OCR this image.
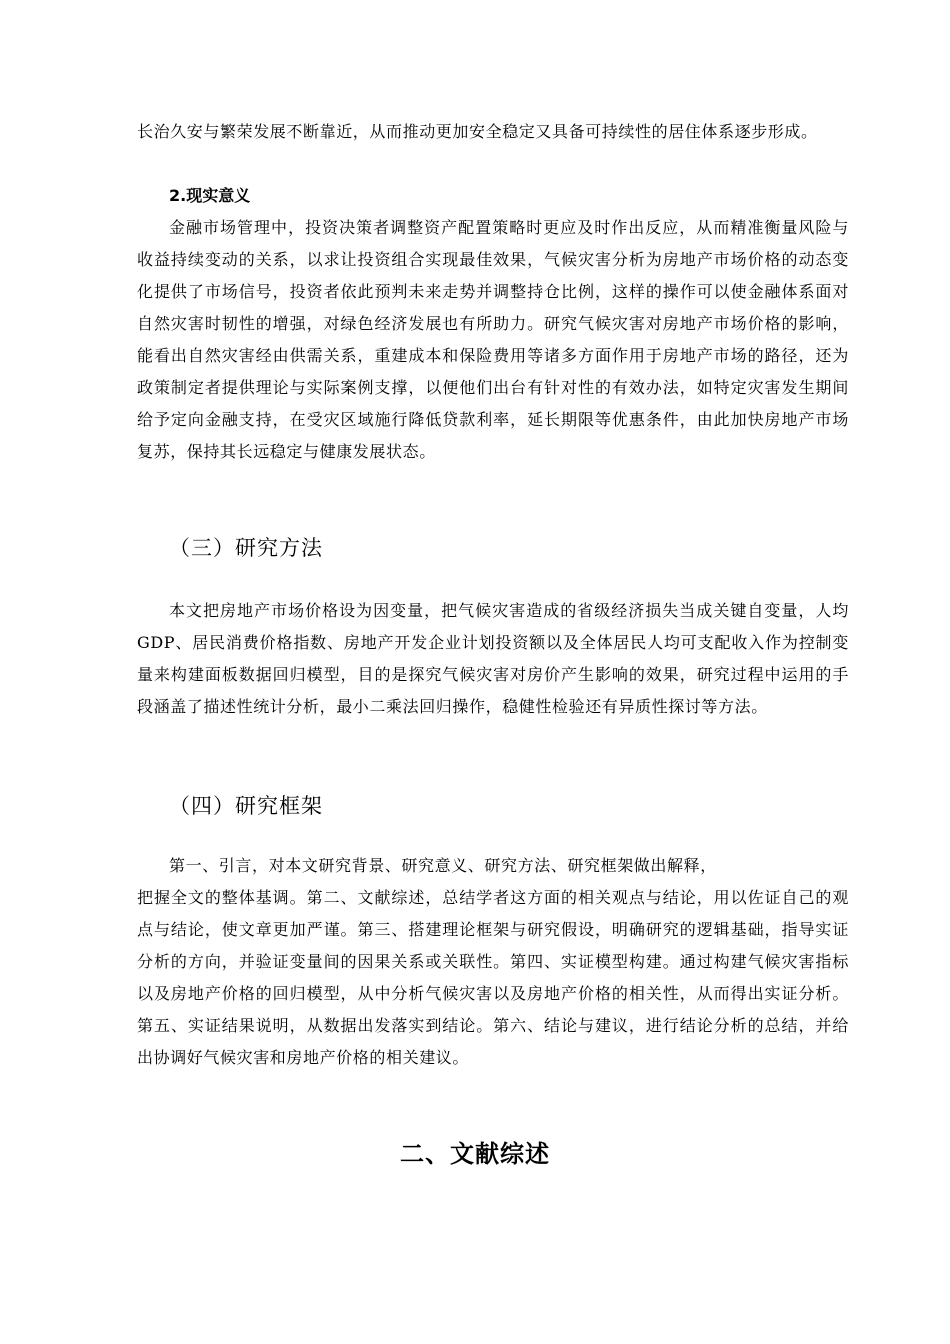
长治久安与繁荣发展不断靠近，从而推动更加安全稳定又具备可持续性的居住体系逐步形成。
2.现实意义
金融市场管理中，投资决策者调整资产配置策略时更应及时作出反应，从而精准衡量风险与收益持续变动的关系，以求让投资组合实现最佳效果，气候灾害分析为房地产市场价格的动态变化提供了市场信号，投资者依此预判未来走势并调整持仓比例，这样的操作可以使金融体系面对自然灾害时韧性的增强，对绿色经济发展也有所助力。研究气候灾害对房地产市场价格的影响，能看出自然灾害经由供需关系，重建成本和保险费用等诸多方面作用于房地产市场的路径，还为政策制定者提供理论与实际案例支撑，以便他们出台有针对性的有效办法，如特定灾害发生期间给予定向金融支持，在受灾区域施行降低贷款利率，延长期限等优惠条件，由此加快房地产市场复苏，保持其长远稳定与健康发展状态。
（三）研究方法
本文把房地产市场价格设为因变量，把气候灾害造成的省级经济损失当成关键自变量，人均 GDP、居民消费价格指数、房地产开发企业计划投资额以及全体居民人均可支配收入作为控制变量来构建面板数据回归模型，目的是探究气候灾害对房价产生影响的效果，研究过程中运用的手段涵盖了描述性统计分析，最小二乘法回归操作，稳健性检验还有异质性探讨等方法。
（四）研究框架
第一、引言，对本文研究背景、研究意义、研究方法、研究框架做出解释，
把握全文的整体基调。第二、文献综述，总结学者这方面的相关观点与结论，用以佐证自己的观点与结论，使文章更加严谨。第三、搭建理论框架与研究假设，明确研究的逻辑基础，指导实证分析的方向，并验证变量间的因果关系或关联性。第四、实证模型构建。通过构建气候灾害指标以及房地产价格的回归模型，从中分析气候灾害以及房地产价格的相关性，从而得出实证分析。第五、实证结果说明，从数据出发落实到结论。第六、结论与建议，进行结论分析的总结，并给出协调好气候灾害和房地产价格的相关建议。
二、文献综述
